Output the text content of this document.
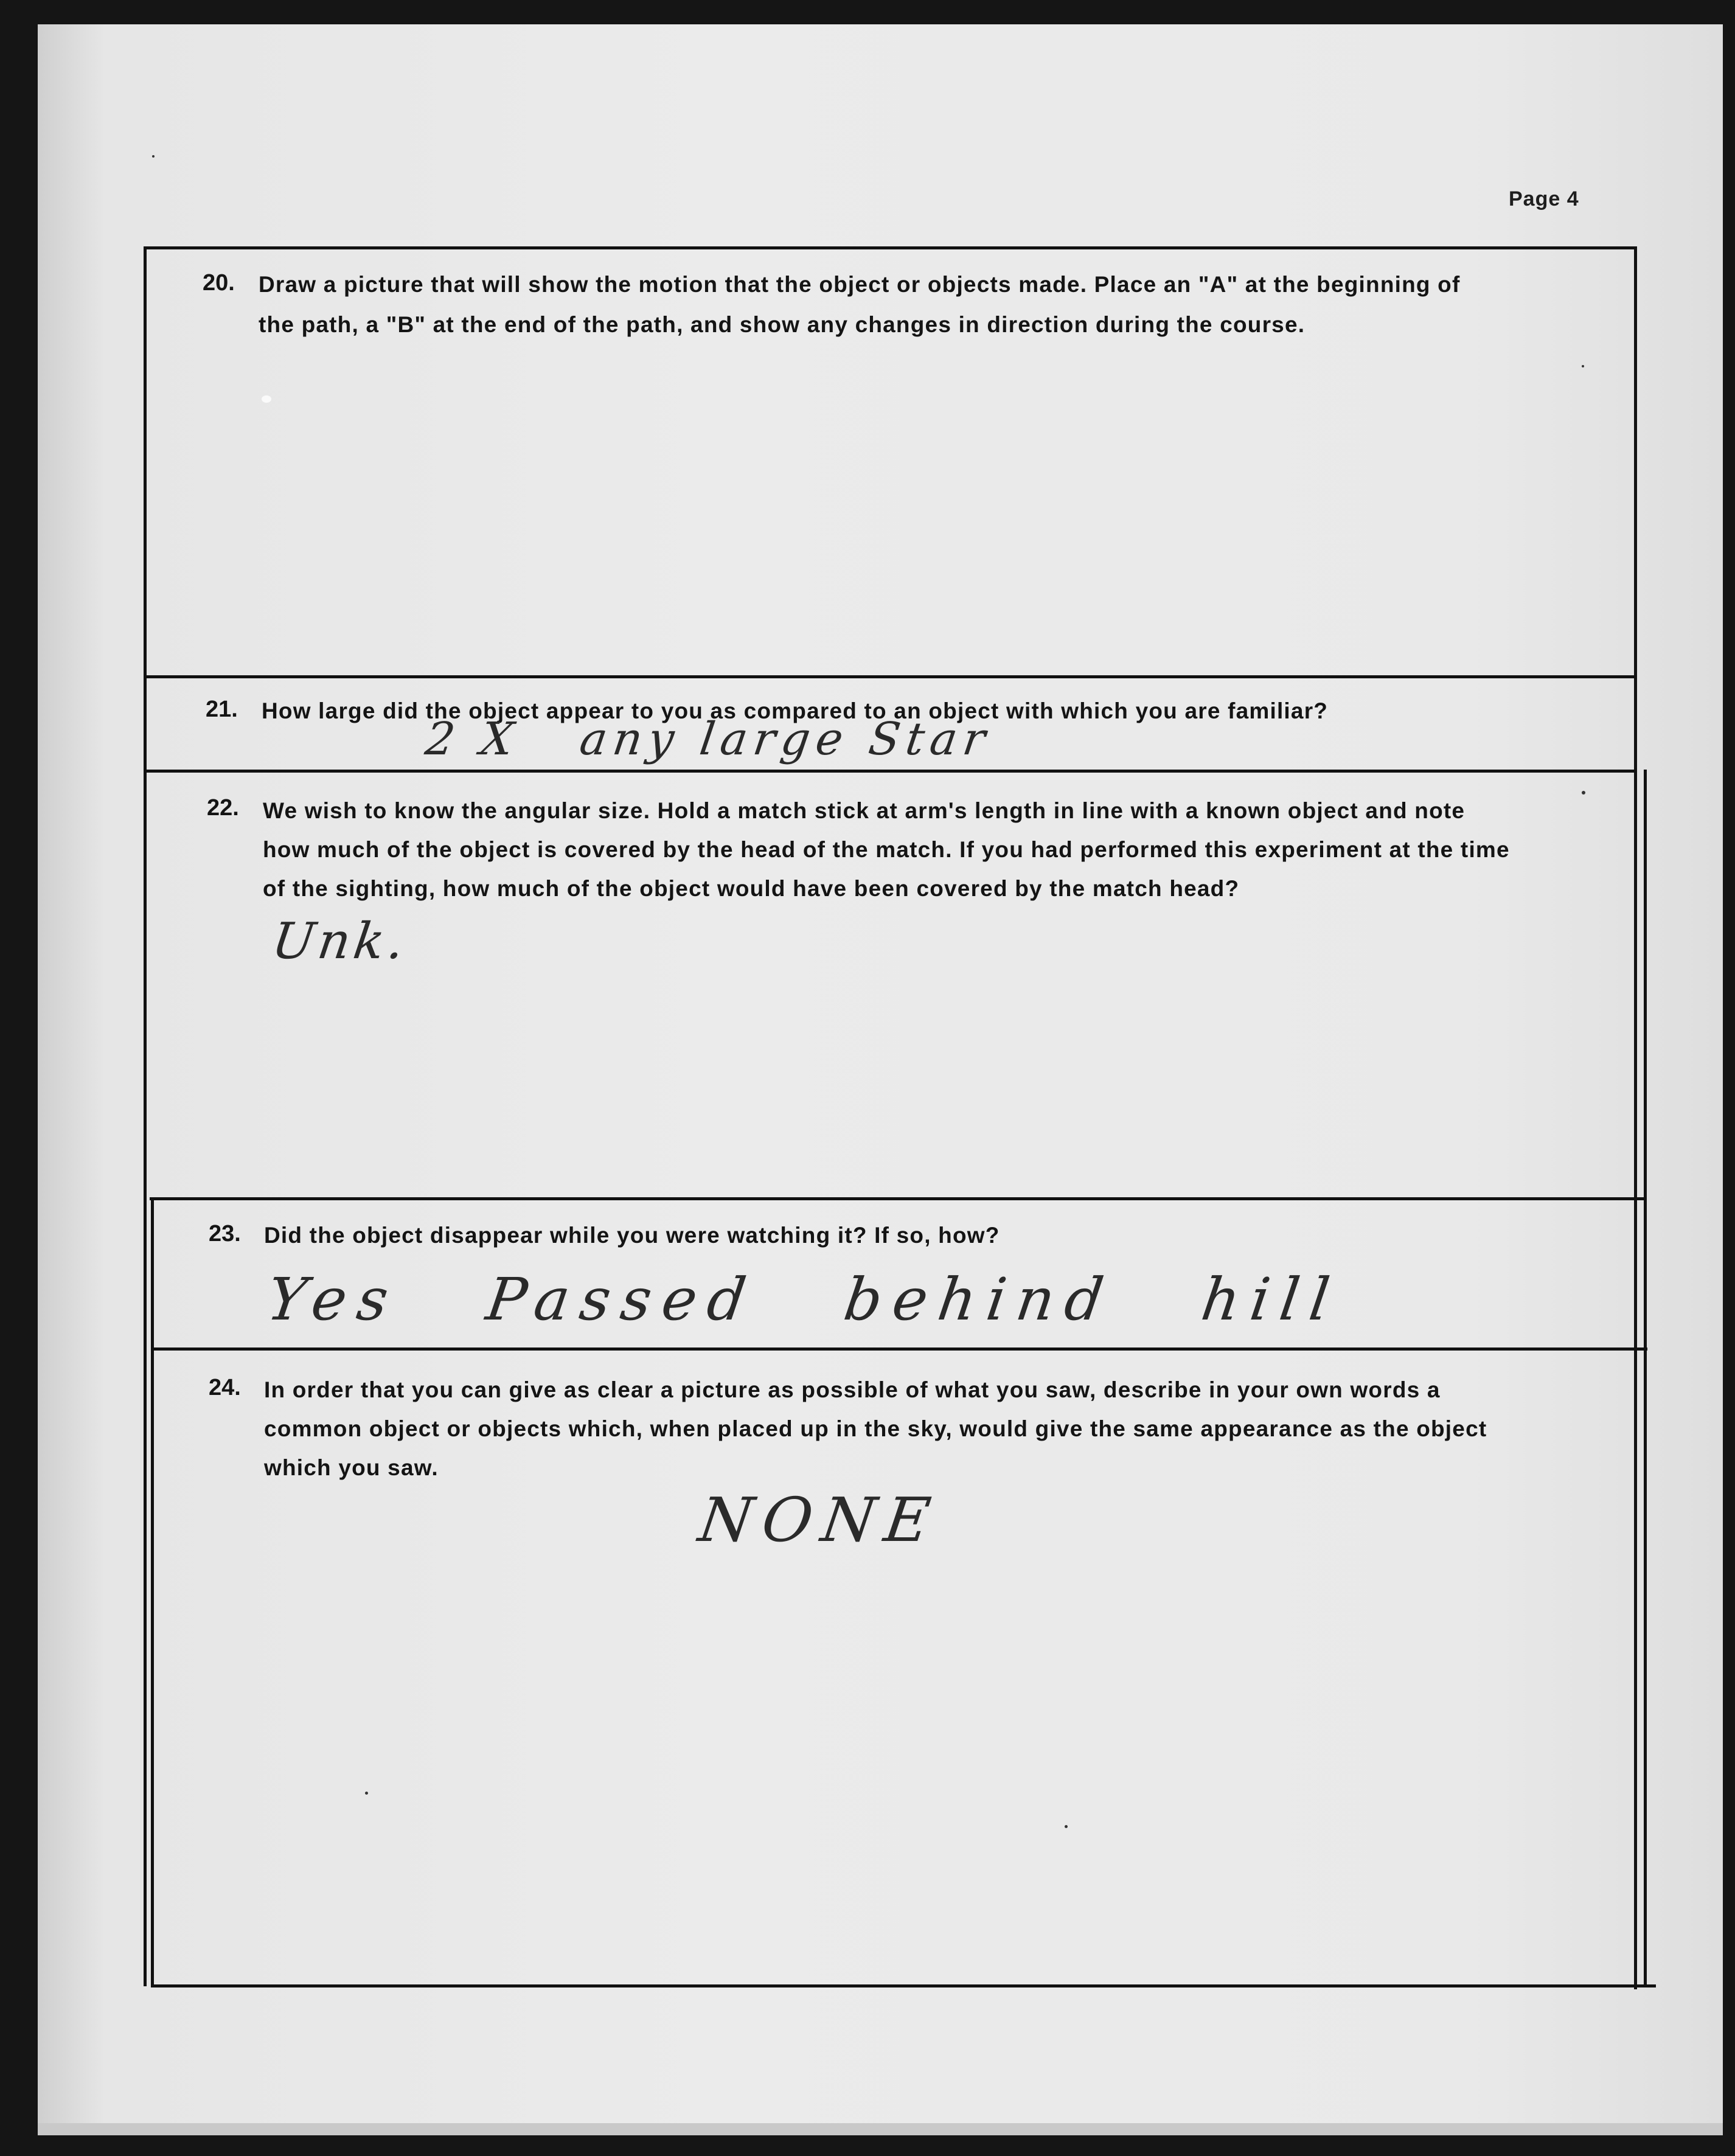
Page 4
20. Draw a picture that will show the motion that the object or objects made. Place an "A" at the beginning of
the path, a "B" at the end of the path, and show any changes in direction during the course.
21. How large did the object appear to you as compared to an object with which you are familiar?
2 X   any large Star
22. We wish to know the angular size. Hold a match stick at arm's length in line with a known object and note
how much of the object is covered by the head of the match. If you had performed this experiment at the time
of the sighting, how much of the object would have been covered by the match head?
Unk.
23. Did the object disappear while you were watching it? If so, how?
Yes   Passed   behind   hill
24. In order that you can give as clear a picture as possible of what you saw, describe in your own words a
common object or objects which, when placed up in the sky, would give the same appearance as the object
which you saw.
NONE
